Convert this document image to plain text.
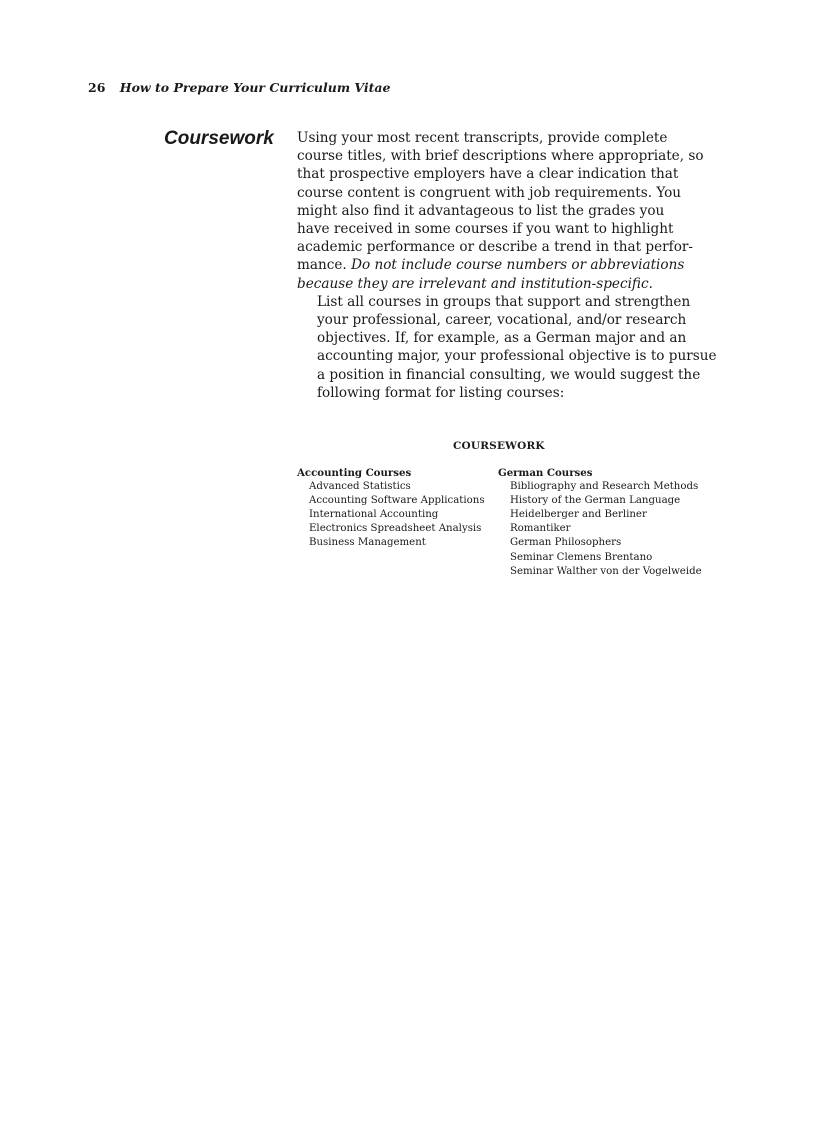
26 How to Prepare Your Curriculum Vitae
Coursework Using your most recent transcripts, provide complete
course titles, with brief descriptions where appropriate, so
that prospective employers have a clear indication that
course content is congruent with job requirements. You
might also find it advantageous to list the grades you
have received in some courses if you want to highlight
academic performance or describe a trend in that perfor-
mance. Do not include course numbers or abbreviations
because they are irrelevant and institution-specific.

List all courses in groups that support and strengthen
your professional, career, vocational, and/or research
objectives. If, for example, as a German major and an
accounting major, your professional objective is to pursue
a position in financial consulting, we would suggest the
following format for listing courses:

COURSEWORK
Accounting Courses
Advanced Statistics
Accounting Software Applications
International Accounting
Electronics Spreadsheet Analysis
Business Management
German Courses
Bibliography and Research Methods
History of the German Language
Heidelberger and Berliner
Romantiker
German Philosophers
Seminar Clemens Brentano
Seminar Walther von der Vogelweide
